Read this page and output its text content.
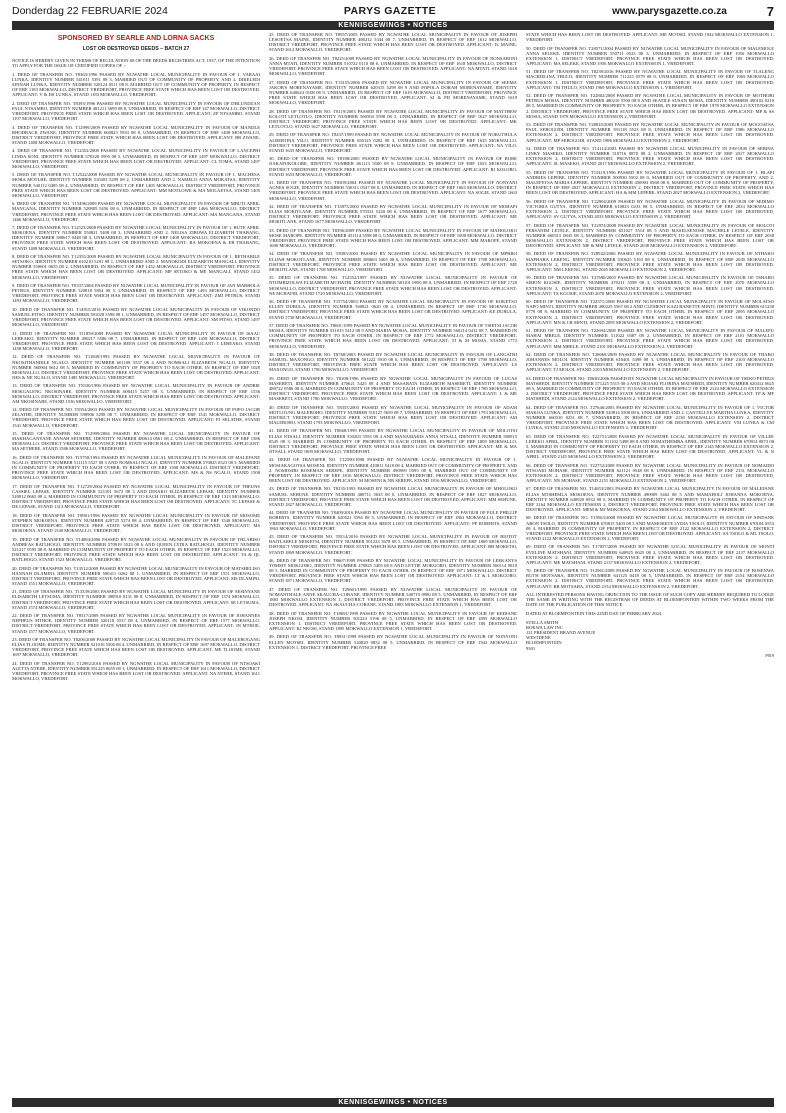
Donderdag 22 FEBRUARIE 2024	PARYS GAZETTE	www.parysgazette.co.za	7
KENNISGEWINGS • NOTICES
SPONSORED BY SEARLE AND LORNA SACKS
LOST OR DESTROYED DEEDS – BATCH 27

NOTICE IS HEREBY GIVEN IN TERMS OF REGULATION 68 OF THE DEEDS REGISTRIES ACT, 1937, OF THE INTENTION TO APPLY FOR THE ISSUE OF CERTIFIED COPIES OF :-

1. DEED OF TRANSFER NO. T8363/1996 PASSED BY NGWATHE LOCAL MUNICIPALITY IN FAVOUR OF 1. VARAAI LUNKA, IDENTITY NUMBER 541011 5391 08 3, MARRIED OUT OF COMMUNITY OF PROPERTY, AND 2. DIKELEDI SINNAH LUNKA, IDENTITY NUMBER 520124 0511 08 8, MARRIED OUT OF COMMUNITY OF PROPERTY, IN RESPECT OF ERF 1183 MOKWALLO, DISTRICT VREDEFORT, PROVINCE FREE STATE WHICH HAS BEEN LOST OR DESTROYED. APPLICANT: V & DS LUNKA, STAND 1183 MOKWALLO, VREDEFORT.

2. DEED OF TRANSFER NO. T8393/1996 PASSED BY NGWATHE LOCAL MUNICIPALITY IN FAVOUR OF DHLUNDZAN PAUL NTSAMBO, IDENTITY NUMBER 481211 5699 08 8, UNMARRIED, IN RESPECT OF ERF 147 MOKWALLO, DISTRICT VREDEFORT, PROVINCE FREE STATE WHICH HAS BEEN LOST OR DESTROYED. APPLICANT: ZP NTSAMBO, STAND 1197 MOKWALLO, VREDEFORT.

3. DEED OF TRANSFER NO. T12999/2009 PASSED BY NGWATHE LOCAL MUNICIPALITY IN FAVOUR OF MANDLE RHODRACK ZWANE, IDENTITY NUMBER 660823 5933 08 8, UNMARRIED, IN RESPECT OF ERF 1408 MOKWALLO, DISTRICT VREDEFORT, PROVINCE FREE STATE WHICH HAS BEEN LOST OR DESTROYED. APPLICANT: BR ZWANE, STAND 1408 MOKWALLO, VREDEFORT.

4. DEED OF TRANSFER NO. T12352/2008 PASSED BY NGWATHE LOCAL MUNICIPALITY IN FAVOUR OF LANCEPHI LINDA SONI, IDENTITY NUMBER 570328 5995 08 5, UNMARRIED, IN RESPECT OF ERF 1497 MOKWALLO, DISTRICT VREDEFORT, PROVINCE FREE STATE WHICH HAS BEEN LOST OR DESTROYED. APPLICANT: CL TOMA, STAND 1497 MOKWALLO, VREDEFORT.

5. DEED OF TRANSFER NO. T12522/2008 PASSED BY NGWATHE LOCAL MUNICIPALITY IN FAVOUR OF 1. MACHESA MORA MOTLHE, IDENTITY NUMBER 510303 5299 08 2, UNMARRIED AND 2. NAMELO ANNA MOKATSA, IDENTITY NUMBER 540112 0485 08 4, UNMARRIED, IN RESPECT OF ERF 1405 MOKWALLO, DISTRICT VREDEFORT, PROVINCE FREE STATE WHICH HAS BEEN LOST OR DESTROYED. APPLICANT: MM MOTLOWE & MA MOLAETSA, STAND 1405 MOKWALLO, VREDEFORT.

6. DEED OF TRANSFER NO. T15496/2009 PASSED BY NGWATHE LOCAL MUNICIPALITY IN FAVOUR OF MBUTI APRIL MANGANA, IDENTITY NUMBER 520805 5456 08 6, UNMARRIED, IN RESPECT OF ERF 1466 MOKWALLO, DISTRICT VREDEFORT, PROVINCE FREE STATE WHICH HAS BEEN LOST OR DESTROYED. APPLICANT: MA MANGANA, STAND 1466 MOKWALLO, VREDEFORT.

7. DEED OF TRANSFER NO. T12523/2008 PASSED BY NGWATHE LOCAL MUNICIPALITY IN FAVOUR OF 1. RUTE APRIL MOKOENA, IDENTITY NUMBER 550821 5408 08 3, UNMARRIED AND 2. NELISA ZIBOWA ELIZABETH THABANG, IDENTITY NUMBER 580617 0448 08 3, UNMARRIED, IN RESPECT OF ERF 1408 MOKWALLO, DISTRICT VREDEFORT, PROVINCE FREE STATE WHICH HAS BEEN LOST OR DESTROYED. APPLICANT: RA MOKOENA & EB THABANG, STAND 1408 MOKWALLO, VREDEFORT.

8. DEED OF TRANSFER NO. T12355/2009 PASSED BY NGWATHE LOCAL MUNICIPALITY IN FAVOUR OF 1. RETHABILE SETSOKO, IDENTITY NUMBER 610210 5291 08 1, UNMARRIED AND 2. MANOKODI ELIZABETH MANGALI, IDENTITY NUMBER 550601 0655 08 2, UNMARRIED, IN RESPECT OF ERF 1452 MOKWALLO, DISTRICT VREDEFORT, PROVINCE FREE STATE WHICH HAS BEEN LOST OR DESTROYED. APPLICANT: MP SETOKO & ME MANGALI, STAND 1452 MOKWALLO, VREDEFORT.

9. DEED OF TRANSFER NO. T8337/2004 PASSED BY NGWATHE LOCAL MUNICIPALITY IN FAVOUR OF JAN MARHOLA PETRUS, IDENTITY NUMBER 520818 5854 08 5, UNMARRIED, IN RESPECT OF ERF 1493 MOKWALLO, DISTRICT VREDEFORT, PROVINCE FREE STATE WHICH HAS BEEN LOST OR DESTROYED. APPLICANT: ZMJ PETRUS, STAND 1493 MOKWALLO, VREDEFORT.

10. DEED OF TRANSFER NO. T14915/2016 PASSED BY NGWATHE LOCAL MUNICIPALITY IN FAVOUR OF VIKONDO SAMUEL PITSO, IDENTITY NUMBER 591028 5598 08 1, UNMARRIED, IN RESPECT OF ERF 1497 MOKWALLO, DISTRICT VREDEFORT, PROVINCE FREE STATE WHICH HAS BEEN LOST OR DESTROYED. APPLICANT: SM PITSO, STAND 1497 MOKWALLO, VREDEFORT.

11. DEED OF TRANSFER NO. T11859/2009 PASSED BY NGWATHE LOCAL MUNICIPALITY IN FAVOUR OF ISAAC LEBEAKO, IDENTITY NUMBER 490217 5586 08 7, UNMARRIED, IN RESPECT OF ERF 1458 MOKWALLO, DISTRICT VREDEFORT, PROVINCE FREE STATE WHICH HAS BEEN LOST OR DESTROYED. APPLICANT: I LEBEAKO, STAND 1458 MOKWALLO, VREDEFORT.

12. DEED OF TRANSFER NO. T11849/1993 PASSED BY NGWATHE LOCAL MUNICIPALITY IN FAVOUR OF NKOSITHANDILE NGALO, IDENTITY NUMBER 601108 5537 08 4 AND NOMSALI ELIZABETH NGALO, IDENTITY NUMBER 560904 0612 08 5, MARRIED IN COMMUNITY OF PROPERTY TO EACH OTHER, IN RESPECT OF ERF 1028 MOKWALLO, DISTRICT VREDEFORT, PROVINCE FREE STATE WHICH HAS BEEN LOST OR DESTROYED. APPLICANT: NES & NE NGALO, STAND 1485 MOKWALLO, VREDEFORT.

13. DEED OF TRANSFER NO. T8330/1996 PASSED BY NGWATHE LOCAL MUNICIPALITY IN FAVOUR OF ANDRIE MOKGALENG NKOSINARE, IDENTITY NUMBER 600415 5257 08 3, UNMARRIED, IN RESPECT OF ERF 1536 MOKWALLO, DISTRICT VREDEFORT, PROVINCE FREE STATE WHICH HAS BEEN LOST OR DESTROYED. APPLICANT: AM NKOSINARE, STAND 1536 MOKWALLO, VREDEFORT.

14. DEED OF TRANSFER NO. T8354/2003 PASSED BY NGWATHE LOCAL MUNICIPALITY IN FAVOUR OF POPO JACOB SELATHE, IDENTITY NUMBER 590906 5298 08 7, UNMARRIED, IN RESPECT OF ERF 1541 MOKWALLO, DISTRICT VREDEFORT, PROVINCE FREE STATE WHICH HAS BEEN LOST OR DESTROYED. APPLICANT: PJ SELATHE, STAND 1541 MOKWALLO, VREDEFORT.

15. DEED OF TRANSFER NO. T12999/2004 PASSED BY NGWATHE LOCAL MUNICIPALITY IN FAVOUR OF MAKHAGANYANE ANNAH SETHEBE, IDENTITY NUMBER 480614 0561 08 2, UNMARRIED, IN RESPECT OF ERF 1586 MOKWALLO, DISTRICT VREDEFORT, PROVINCE FREE STATE WHICH HAS BEEN LOST OR DESTROYED. APPLICANT: MA SETHEBE, STAND 1586 MOKWALLO, VREDEFORT.

16. DEED OF TRANSFER NO. T15758/1994 PASSED BY NGWATHE LOCAL MUNICIPALITY IN FAVOUR OF MALEFANE NGALO, IDENTITY NUMBER 511115 5527 08 3 AND NOMSALI NGALO, IDENTITY NUMBER 570825 0523 08 5, MARRIED IN COMMUNITY OF PROPERTY TO EACH OTHER, IN RESPECT OF ERF 1508 MOKWALLO, DISTRICT VREDEFORT, PROVINCE FREE STATE WHICH HAS BEEN LOST OR DESTROYED. APPLICANT: MS & NS NGALO, STAND 1508 MOKWALLO, VREDEFORT.

17. DEED OF TRANSFER NO. T12729/2004 PASSED BY NGWATHE LOCAL MUNICIPALITY IN FAVOUR OF THEUNS CASSIEL LEPASE, IDENTITY NUMBER 521101 5673 08 3 AND DINAKO ELIZABETH LEPASE, IDENTITY NUMBER 520912 0665 08 4, MARRIED IN COMMUNITY OF PROPERTY TO EACH OTHER, IN RESPECT OF ERF 1313 MOKWALLO, DISTRICT VREDEFORT, PROVINCE FREE STATE WHICH HAS BEEN LOST OR DESTROYED. APPLICANT: TC LEPASE & DE LEPASE, STAND 1313 MOKWALLO, VREDEFORT.

18. DEED OF TRANSFER NO. T8901/1996 PASSED BY NGWATHE LOCAL MUNICIPALITY IN FAVOUR OF MOSOME STEPHEN MOKOENA, IDENTITY NUMBER 420725 5274 08 4, UNMARRIED, IN RESPECT OF ERF 1540 MOKWALLO, DISTRICT VREDEFORT, PROVINCE FREE STATE WHICH HAS BEEN LOST OR DESTROYED. APPLICANT: MS MOKOENA, STAND 1540 MOKWALLO, VREDEFORT.

19. DEED OF TRANSFER NO. T14894/2006 PASSED BY NGWATHE LOCAL MUNICIPALITY IN FAVOUR OF THLABISO ANDREAS RATLHOGO, IDENTITY NUMBER 570919 5523 08 6 AND QUEEN LYDIA RATLHOGO, IDENTITY NUMBER 521217 0595 08 8, MARRIED IN COMMUNITY OF PROPERTY TO EACH OTHER, IN RESPECT OF ERF 1523 MOKWALLO, DISTRICT VREDEFORT, PROVINCE FREE STATE WHICH HAS BEEN LOST OR DESTROYED. APPLICANT: TA & QL RATLHOGO, STAND 1523 MOKWALLO, VREDEFORT.

20. DEED OF TRANSFER NO. T13512/2009 PASSED BY NGWATHE LOCAL MUNICIPALITY IN FAVOUR OF MATSHELISO HANNAH DLAMINI, IDENTITY NUMBER 590411 0262 08 1, UNMARRIED, IN RESPECT OF ERF 1551 MOKWALLO, DISTRICT VREDEFORT, PROVINCE FREE STATE WHICH HAS BEEN LOST OR DESTROYED. APPLICANT: MS DLAMINI, STAND 1551 MOKWALLO, VREDEFORT.

21. DEED OF TRANSFER NO. T13339/2003 PASSED BY NGWATHE LOCAL MUNICIPALITY IN FAVOUR OF SESINYANE ELISABETH LETSUMA, IDENTITY NUMBER 380910 0131 08 8, UNMARRIED, IN RESPECT OF ERF 1574 MOKWALLO, DISTRICT VREDEFORT, PROVINCE FREE STATE WHICH HAS BEEN LOST OR DESTROYED. APPLICANT: SE LETSUMA, STAND 1574 MOKWALLO, VREDEFORT.

22. DEED OF TRANSFER NO. T8317/2009 PASSED BY NGWATHE LOCAL MUNICIPALITY IN FAVOUR OF JOHANNES NEPHEUS MTHOE, IDENTITY NUMBER 520118 5537 08 4, UNMARRIED, IN RESPECT OF ERF 1577 MOKWALLO, DISTRICT VREDEFORT, PROVINCE FREE STATE WHICH HAS BEEN LOST OR DESTROYED. APPLICANT: JN MTHOE, STAND 1577 MOKWALLO, VREDEFORT.

23. DEED OF TRANSFER NO. T8206/2009 PASSED BY NGWATHE LOCAL MUNICIPALITY IN FAVOUR OF MALEBOGANG ELIAS TLOOME, IDENTITY NUMBER 521016 5506 08 4, UNMARRIED, IN RESPECT OF ERF 1697 MOKWALLO, DISTRICT VREDEFORT, PROVINCE FREE STATE WHICH HAS BEEN LOST OR DESTROYED. APPLICANT: ME TLOOME, STAND 1697 MOKWALLO, VREDEFORT.

24. DEED OF TRANSFER NO. T12992/2016 PASSED BY NGWATHE LOCAL MUNICIPALITY IN FAVOUR OF NTSOAKI ALETTA NTEHE, IDENTITY NUMBER 591225 0655 08 1, UNMARRIED, IN RESPECT OF ERF 1611 MOKWALLO, DISTRICT VREDEFORT, PROVINCE FREE STATE WHICH HAS BEEN LOST OR DESTROYED. APPLICANT: NA NTEHE, STAND 1611 MOKWALLO, VREDEFORT.

25. DEED OF TRANSFER NO. T8957/2003 PASSED BY NGWATHE LOCAL MUNICIPALITY IN FAVOUR OF JOSEPHI LESOETSA MAINE, IDENTITY NUMBER 480212 5344 08 7, UNMARRIED, IN RESPECT OF ERF 1612 MOKWALLO, DISTRICT VREDEFORT, PROVINCE FREE STATE WHICH HAS BEEN LOST OR DESTROYED. APPLICANT: JL MAINE, STAND 1612 MOKWALLO, VREDEFORT.

26. DEED OF TRANSFER NO. T8225/2009 PASSED BY NGWATHE LOCAL MUNICIPALITY IN FAVOUR OF NONSABONI ANNA MTATI, IDENTITY NUMBER 510722 0110 08 0, UNMARRIED, IN RESPECT OF ERF 1618 MOKWALLO, DISTRICT VREDEFORT, PROVINCE FREE STATE WHICH HAS BEEN LOST OR DESTROYED. APPLICANT: NA MTATI, STAND 1618 MOKWALLO, VREDEFORT.

27. DEED OF TRANSFER NO. T15155/2006 PASSED BY NGWATHE LOCAL MUNICIPALITY IN FAVOUR OF SEEMA JAKOB'S MORENAYAME, IDENTITY NUMBER 620315 5298 08 9 AND POPOLA DORAH MORENAYAME, IDENTITY NUMBER 640624 0108 08 9, UNMARRIED, IN RESPECT OF ERF 1619 MOKWALLO, DISTRICT VREDEFORT, PROVINCE FREE STATE WHICH HAS BEEN LOST OR DESTROYED. APPLICANT: SJ & PD MORENAYAME, STAND 1619 MOKWALLO, VREDEFORT.

28. DEED OF TRANSFER NO. T8119/2003 PASSED BY NGWATHE LOCAL MUNICIPALITY IN FAVOUR OF MATTHEW KOLOTI LETLOTLO, IDENTITY NUMBER 560504 5598 08 5, UNMARRIED, IN RESPECT OF ERF 1627 MOKWALLO, DISTRICT VREDEFORT, PROVINCE FREE STATE WHICH HAS BEEN LOST OR DESTROYED. APPLICANT: MK LETLOTLO, STAND 1627 MOKWALLO, VREDEFORT.

29. DEED OF TRANSFER NO. T8437/1999 PASSED BY NGWATHE LOCAL MUNICIPALITY IN FAVOUR OF NOKUTHULA ALBERTINA VILO, IDENTITY NUMBER 650125 0282 08 3, UNMARRIED, IN RESPECT OF ERF 1635 MOKWALLO, DISTRICT VREDEFORT, PROVINCE FREE STATE WHICH HAS BEEN LOST OR DESTROYED. APPLICANT: NA VILO, STAND 1635 MOKWALLO, VREDEFORT.

30. DEED OF TRANSFER NO. T8188/2005 PASSED BY NGWATHE LOCAL MUNICIPALITY IN FAVOUR OF RORE NAKAFUKOLOBE, IDENTITY NUMBER 461113 5500 08 9, UNMARRIED, IN RESPECT OF ERF 1653 MOKWALLO, DISTRICT VREDEFORT, PROVINCE FREE STATE WHICH HAS BEEN LOST OR DESTROYED. APPLICANT: RJ KOLOBO, STAND 1653 MOKWALLO, VREDEFORT.

31. DEED OF TRANSFER NO. T8309/2004 PASSED BY NGWATHE LOCAL MUNICIPALITY IN FAVOUR OF NONYANI AGNES SOGIE, IDENTITY NUMBER 530311 0547 08 0, UNMARRIED, IN RESPECT OF ERF 1663 MOKWALLO, DISTRICT VREDEFORT, PROVINCE FREE STATE WHICH HAS BEEN LOST OR DESTROYED. APPLICANT: NA SOGIE, STAND 1663 MOKWALLO, VREDEFORT.

32. DEED OF TRANSFER NO. T15875/2003 PASSED BY NGWATHE LOCAL MUNICIPALITY IN FAVOUR OF MOHAPI ELIAS MOKITLANE, IDENTITY NUMBER 570331 5220 08 6, UNMARRIED, IN RESPECT OF ERF 1677 MOKWALLO, DISTRICT VREDEFORT, PROVINCE FREE STATE WHICH HAS BEEN LOST OR DESTROYED. APPLICANT: ME MOKITLANE, STAND 1677 MOKWALLO, VREDEFORT.

33. DEED OF TRANSFER NO. T8396/2009 PASSED BY NGWATHE LOCAL MUNICIPALITY IN FAVOUR OF MAHOLOKO MOSE MAROPE, IDENTITY NUMBER 451114 5598 08 0, UNMARRIED, IN RESPECT OF ERF 1690 MOKWALLO, DISTRICT VREDEFORT, PROVINCE FREE STATE WHICH HAS BEEN LOST OR DESTROYED. APPLICANT: MM MAROPE, STAND 1690 MOKWALLO, VREDEFORT.

34. DEED OF TRANSFER NO. T8395/2003 PASSED BY NGWATHE LOCAL MUNICIPALITY IN FAVOUR OF MPHIKI ELIJAH MOKOTLANE, IDENTITY NUMBER 580603 5405 08 6, UNMARRIED, IN RESPECT OF ERF 1708 MOKWALLO, DISTRICT VREDEFORT, PROVINCE FREE STATE WHICH HAS BEEN LOST OR DESTROYED. APPLICANT: ME MOKOTLANE, STAND 1708 MOKWALLO, VREDEFORT.

35. DEED OF TRANSFER NO. T12552/1997 PASSED BY NGWATHE LOCAL MUNICIPALITY IN FAVOUR OF NTOMBIZOLWA ELIZABETH MCHATHI, IDENTITY NUMBER 581101 0850 08 0, UNMARRIED, IN RESPECT OF ERF 1720 MOKWALLO, DISTRICT VREDEFORT, PROVINCE FREE STATE WHICH HAS BEEN LOST OR DESTROYED. APPLICANT: NE MCHATHI, STAND 1720 MOKWALLO, VREDEFORT.

36. DEED OF TRANSFER NO. T15754/2003 PASSED BY NGWATHE LOCAL MUNICIPALITY IN FAVOUR OF KOKETSO ELLEN DUBULA, IDENTITY NUMBER 560821 0620 08 4, UNMARRIED, IN RESPECT OF ERF 1730 MOKWALLO, DISTRICT VREDEFORT, PROVINCE FREE STATE WHICH HAS BEEN LOST OR DESTROYED. APPLICANT: KE DUBULA, STAND 1730 MOKWALLO, VREDEFORT.

37. DEED OF TRANSFER NO. T8691/1999 PASSED BY NGWATHE LOCAL MUNICIPALITY IN FAVOUR OF TSIETSI JACOB MOSIA, IDENTITY NUMBER 531015 5412 08 9 AND MARIA MOSIA, IDENTITY NUMBER 560214 0412 08 7, MARRIED IN COMMUNITY OF PROPERTY TO EACH OTHER, IN RESPECT OF ERF 1772 MOKWALLO, DISTRICT VREDEFORT, PROVINCE FREE STATE WHICH HAS BEEN LOST OR DESTROYED. APPLICANT: TJ & M MOSIA, STAND 1772 MOKWALLO, VREDEFORT.

38. DEED OF TRANSFER NO. T8768/2003 PASSED BY NGWATHE LOCAL MUNICIPALITY IN FAVOUR OF LANGATHI SAMUEL MAXONGO, IDENTITY NUMBER 501222 5910 08 6, UNMARRIED, IN RESPECT OF ERF 1790 MOKWALLO, DISTRICT VREDEFORT, PROVINCE FREE STATE WHICH HAS BEEN LOST OR DESTROYED. APPLICANT: LS MAXONGO, STAND 1790 MOKWALLO, VREDEFORT.

39. DEED OF TRANSFER NO. T8208/1996 PASSED BY NGWATHE LOCAL MUNICIPALITY IN FAVOUR OF LUCAS MASERETI, IDENTITY NUMBER 470621 5425 08 4 AND MASABATA ELIZABETH MASERETI, IDENTITY NUMBER 480722 0586 08 6, MARRIED IN COMMUNITY OF PROPERTY TO EACH OTHER, IN RESPECT OF ERF 1780 MOKWALLO, DISTRICT VREDEFORT, PROVINCE FREE STATE WHICH HAS BEEN LOST OR DESTROYED. APPLICANT: L & ME MASERETI, STAND 1780 MOKWALLO, VREDEFORT.

40. DEED OF TRANSFER NO. T8355/2003 PASSED BY NGWATHE LOCAL MUNICIPALITY IN FAVOUR OF ADAM MOTLOUNG MALEBOHO, IDENTITY NUMBER 510127 5659 08 7, UNMARRIED, IN RESPECT OF ERF 1793 MOKWALLO, DISTRICT VREDEFORT, PROVINCE FREE STATE WHICH HAS BEEN LOST OR DESTROYED. APPLICANT: AM MALEBOHO, STAND 1793 MOKWALLO, VREDEFORT.

41. DEED OF TRANSFER NO. T8668/1999 PASSED BY NGWATHE LOCAL MUNICIPALITY IN FAVOUR OF MOLOTSI ELIAS NTSALI, IDENTITY NUMBER 550203 5593 08 4 AND MANAMAKIS ANNA NTSALI, IDENTITY NUMBER 580915 0545 08 3, MARRIED IN COMMUNITY OF PROPERTY TO EACH OTHER, IN RESPECT OF ERF 1809 MOKWALLO, DISTRICT VREDEFORT, PROVINCE FREE STATE WHICH HAS BEEN LOST OR DESTROYED. APPLICANT: ME & MA NTSALI, STAND 1809 MOKWALLO, VREDEFORT.

42. DEED OF TRANSFER NO. T12590/1998 PASSED BY NGWATHE LOCAL MUNICIPALITY IN FAVOUR OF 1. MOSIAKAGOTSA MOSENI, IDENTITY NUMBER 410811 5418 08 4, MARRIED OUT OF COMMUNITY OF PROPERTY, AND 2. NOMOSIBI ROSEMAN SEREPE, IDENTITY NUMBER 490909 0595 08 8, MARRIED OUT OF COMMUNITY OF PROPERTY, IN RESPECT OF ERF 1816 MOKWALLO, DISTRICT VREDEFORT, PROVINCE FREE STATE WHICH HAS BEEN LOST OR DESTROYED. APPLICANT: M MOSENI & NR SEREPE, STAND 1816 MOKWALLO, VREDEFORT.

43. DEED OF TRANSFER NO. T8135/1993 PASSED BY NGWATHE LOCAL MUNICIPALITY IN FAVOUR OF MHOLOKO SAMUEL SEHUNE, IDENTITY NUMBER 480711 5635 08 0, UNMARRIED, IN RESPECT OF ERF 1827 MOKWALLO, DISTRICT VREDEFORT, PROVINCE FREE STATE WHICH HAS BEEN LOST OR DESTROYED. APPLICANT: MM SEHUNE, STAND 1827 MOKWALLO, VREDEFORT.

44. DEED OF TRANSFER NO. T8409/2016 PASSED BY NGWATHE LOCAL MUNICIPALITY IN FAVOUR OF PULE PHILLIP ROBERTS, IDENTITY NUMBER 620521 5594 08 5, UNMARRIED, IN RESPECT OF ERF 1863 MOKWALLO, DISTRICT VREDEFORT, PROVINCE FREE STATE WHICH HAS BEEN LOST OR DESTROYED. APPLICANT: PP ROBERTS, STAND 1863 MOKWALLO, VREDEFORT.

45. DEED OF TRANSFER NO. T8114/2016 PASSED BY NGWATHE LOCAL MUNICIPALITY IN FAVOUR OF BIOTOT BAITLARELE MOKETSI, IDENTITY NUMBER 501223 5678 08 5, UNMARRIED, IN RESPECT OF ERF 1869 MOKWALLO, DISTRICT VREDEFORT, PROVINCE FREE STATE WHICH HAS BEEN LOST OR DESTROYED. APPLICANT: BB MOKETSI, STAND 1869 MOKWALLO, VREDEFORT.

46. DEED OF TRANSFER NO. T8667/1999 PASSED BY NGWATHE LOCAL MUNICIPALITY IN FAVOUR OF LEEKANYS TOMMY MOKGORO, IDENTITY NUMBER 470825 5405 08 8 AND LETTIE MOKGORO, IDENTITY NUMBER 560114 0810 08 5, MARRIED IN COMMUNITY OF PROPERTY TO EACH OTHER, IN RESPECT OF ERF 1871 MOKWALLO, DISTRICT VREDEFORT, PROVINCE FREE STATE WHICH HAS BEEN LOST OR DESTROYED. APPLICANT: LT & L MOKGORO, STAND 1871 MOKWALLO, VREDEFORT.

47. DEED OF TRANSFER NO. T29601/1999 PASSED BY NGWATHE LOCAL MUNICIPALITY IN FAVOUR OF NOMANTHALE ANNE SKAUCHA-COBANE, IDENTITY NUMBER 540719 0980 08 5, UNMARRIED, IN RESPECT OF ERF 1883 MOKWALLO EXTENSION 1, DISTRICT VREDEFORT, PROVINCE FREE STATE WHICH HAS BEEN LOST OR DESTROYED. APPLICANT: NA SKAUCHA-COBANE, STAND 1883 MOKWALLO EXTENSION 1, VREDEFORT.

48. DEED OF TRANSFER NO. T18691/1999 PASSED BY NGWATHE LOCAL MUNICIPALITY IN FAVOUR OF KEDIANE JOSEPH NKOSI, IDENTITY NUMBER 501223 5196 08 5, UNMARRIED, IN RESPECT OF ERF 1895 MOKWALLO EXTENSION 1, DISTRICT VREDEFORT, PROVINCE FREE STATE WHICH HAS BEEN LOST OR DESTROYED. APPLICANT: KJ NKOSI, STAND 1895 MOKWALLO EXTENSION 1, VREDEFORT.

49. DEED OF TRANSFER NO. T8931/1999 PASSED BY NGWATHE LOCAL MUNICIPALITY IN FAVOUR OF NONYONI ELLEN MOTSEI, IDENTITY NUMBER 520829 0852 08 5, UNMARRIED, IN RESPECT OF ERF 1942 MOKWALLO EXTENSION 1, DISTRICT VREDEFORT, PROVINCE FREE

STATE WHICH HAS BEEN LOST OR DESTROYED. APPLICANT: ME MOTSEI, STAND 1942 MOKWALLO EXTENSION 1, VREDEFORT.

50. DEED OF TRANSFER NO. T28571/2004 PASSED BY NGWATHE LOCAL MUNICIPALITY IN FAVOUR OF MALEMOLE ANNA SELEKE, IDENTITY NUMBER 550711 0525 08 3, UNMARRIED, IN RESPECT OF ERF 1956 MOKWALLO EXTENSION 1, DISTRICT VREDEFORT, PROVINCE FREE STATE WHICH HAS BEEN LOST OR DESTROYED. APPLICANT: MA SELEKE, STAND 1956 MOKWALLO EXTENSION 1, VREDEFORT.

51. DEED OF TRANSFER NO. T8239/2016 PASSED BY NGWATHE LOCAL MUNICIPALITY IN FAVOUR OF TLALENG MAGRIELINA THULO, IDENTITY NUMBER 711225 0579 08 9, UNMARRIED, IN RESPECT OF ERF 1969 MOKWALLO EXTENSION 1, DISTRICT VREDEFORT, PROVINCE FREE STATE WHICH HAS BEEN LOST OR DESTROYED. APPLICANT: TM THULO, STAND 1969 MOKWALLO EXTENSION 1, VREDEFORT.

52. DEED OF TRANSFER NO. T22802/2008 PASSED BY NGWATHE LOCAL MUNICIPALITY IN FAVOUR OF MOTHOBI PETRUS MOSIA, IDENTITY NUMBER 480210 5500 08 8 AND SEATILE SUSAN MOSIA, IDENTITY NUMBER 490102 0210 08 5, MARRIED IN COMMUNITY OF PROPERTY TO EACH OTHER, IN RESPECT OF ERF 1978 MOKWALLO EXTENSION 2, DISTRICT VREDEFORT, PROVINCE FREE STATE WHICH HAS BEEN LOST OR DESTROYED. APPLICANT: MP & SS MOSIA, STAND 1978 MOKWALLO EXTENSION 2, VREDEFORT.

53. DEED OF TRANSFER NO. T28810/2005 PASSED BY NGWATHE LOCAL MUNICIPALITY IN FAVOUR OF MOGOATSA PAUL SEBOGODI, IDENTITY NUMBER 591118 5523 08 8, UNMARRIED, IN RESPECT OF ERF 1986 MOKWALLO EXTENSION 2, DISTRICT VREDEFORT, PROVINCE FREE STATE WHICH HAS BEEN LOST OR DESTROYED. APPLICANT: MP SEBOGODI, STAND 1986 MOKWALLO EXTENSION 2, VREDEFORT.

54. DEED OF TRANSFER NO. T14114/2003 PASSED BY NGWATHE LOCAL MUNICIPALITY IN FAVOUR OF SEBINA LINKY MASEKO, IDENTITY NUMBER 510716 0870 08 2, UNMARRIED, IN RESPECT OF ERF 2017 MOKWALLO EXTENSION 2, DISTRICT VREDEFORT, PROVINCE FREE STATE WHICH HAS BEEN LOST OR DESTROYED. APPLICANT: SL MASEKO, STAND 2017 MOKWALLO EXTENSION 2, VREDEFORT.

55. DEED OF TRANSFER NO. T15419/1996 PASSED BY NGWATHE LOCAL MUNICIPALITY IN FAVOUR OF 1. HLAPI ANDRIES LEPEBE, IDENTITY NUMBER 500930 5502 08 0, MARRIED OUT OF COMMUNITY OF PROPERTY, AND 2. MALEFETSA MARIA LEPEBE, IDENTITY NUMBER 450903 0568 08 8, MARRIED OUT OF COMMUNITY OF PROPERTY, IN RESPECT OF ERF 2027 MOKWALLO EXTENSION 2, DISTRICT VREDEFORT, PROVINCE FREE STATE WHICH HAS BEEN LOST OR DESTROYED. APPLICANT: HA & MM LEPEBE, STAND 2027 MOKWALLO EXTENSION 2, VREDEFORT.

56. DEED OF TRANSFER NO. T22904/2009 PASSED BY NGWATHE LOCAL MUNICIPALITY IN FAVOUR OF SEDIMO VICTORIA GUTYA, IDENTITY NUMBER 610823 0233 08 5, UNMARRIED, IN RESPECT OF ERF 2033 MOKWALLO EXTENSION 2, DISTRICT VREDEFORT, PROVINCE FREE STATE WHICH HAS BEEN LOST OR DESTROYED. APPLICANT: SV GUTYA, STAND 2033 MOKWALLO EXTENSION 2, VREDEFORT.

57. DEED OF TRANSFER NO. T22974/2008 PASSED BY NGWATHE LOCAL MUNICIPALITY IN FAVOUR OF MOLOTI FERSANIM LETELE, IDENTITY NUMBER 651027 5514 08 5 AND MASELSENOSE MACHELE LETELE, IDENTITY NUMBER 660315 0845 08 3, MARRIED IN COMMUNITY OF PROPERTY TO EACH OTHER, IN RESPECT OF ERF 2038 MOKWALLO EXTENSION 2, DISTRICT VREDEFORT, PROVINCE FREE STATE WHICH HAS BEEN LOST OR DESTROYED. APPLICANT: MF & MM LETELE, STAND 2038 MOKWALLO EXTENSION 2, VREDEFORT.

58. DEED OF TRANSFER NO. T28942/2006 PASSED BY NGWATHE LOCAL MUNICIPALITY IN FAVOUR OF NTHAKO MAPHARA LEKENG, IDENTITY NUMBER 530625 5193 08 0, UNMARRIED, IN RESPECT OF ERF 2045 MOKWALLO EXTENSION 2, DISTRICT VREDEFORT, PROVINCE FREE STATE WHICH HAS BEEN LOST OR DESTROYED. APPLICANT: NM LEKENG, STAND 2045 MOKWALLO EXTENSION 2, VREDEFORT.

59. DEED OF TRANSFER NO. T27680/2005 PASSED BY NGWATHE LOCAL MUNICIPALITY IN FAVOUR OF TSHABO SIMON KGOSIE, IDENTITY NUMBER 470211 5598 08 3, UNMARRIED, IN RESPECT OF ERF 2070 MOKWALLO EXTENSION 2, DISTRICT VREDEFORT, PROVINCE FREE STATE WHICH HAS BEEN LOST OR DESTROYED. APPLICANT: TS KGOSIE, STAND 2070 MOKWALLO EXTENSION 2, VREDEFORT.

60. DEED OF TRANSFER NO. T22571/2008 PASSED BY NGWATHE LOCAL MUNICIPALITY IN FAVOUR OF MOLATSO NAPO MINTI, IDENTITY NUMBER 490225 5567 08 2 AND CLEMENT KAZI RANETTE MINTI, IDENTITY NUMBER 611230 0779 08 8, MARRIED IN COMMUNITY OF PROPERTY TO EACH OTHER, IN RESPECT OF ERF 2095 MOKWALLO EXTENSION 2, DISTRICT VREDEFORT, PROVINCE FREE STATE WHICH HAS BEEN LOST OR DESTROYED. APPLICANT: MN & CR MINTI, STAND 2095 MOKWALLO EXTENSION 2, VREDEFORT.

61. DEED OF TRANSFER NO. T22694/2008 PASSED BY NGWATHE LOCAL MUNICIPALITY IN FAVOUR OF MALEFU MAHAI MBELE, IDENTITY NUMBER 511022 0387 08 2, UNMARRIED, IN RESPECT OF ERF 2101 MOKWALLO EXTENSION 2, DISTRICT VREDEFORT, PROVINCE FREE STATE WHICH HAS BEEN LOST OR DESTROYED. APPLICANT: MM MBELE, STAND 2101 MOKWALLO EXTENSION 2, VREDEFORT.

62. DEED OF TRANSFER NO. T28069/2009 PASSED BY NGWATHE LOCAL MUNICIPALITY IN FAVOUR OF THABO JOHANNES MOLOI, IDENTITY NUMBER 610401 5498 08 3, UNMARRIED, IN RESPECT OF ERF 2103 MOKWALLO EXTENSION 2, DISTRICT VREDEFORT, PROVINCE FREE STATE WHICH HAS BEEN LOST OR DESTROYED. APPLICANT: TJ MOLOI, STAND 2103 MOKWALLO EXTENSION 2, VREDEFORT.

63. DEED OF TRANSFER NO. T8630/2006 PASSED BY NGWATHE LOCAL MUNICIPALITY IN FAVOUR OF TSEKO PETRUS MATSHEDI, IDENTITY NUMBER 571225 5515 08 4 AND MOJAKI FLORINA MATSHEDI, IDENTITY NUMBER 620412 0625 08 5, MARRIED IN COMMUNITY OF PROPERTY TO EACH OTHER, IN RESPECT OF ERF 2124 MOKWALLO EXTENSION 2, DISTRICT VREDEFORT, PROVINCE FREE STATE WHICH HAS BEEN LOST OR DESTROYED. APPLICANT: TP & MF MATSHEDI, STAND 2124 MOKWALLO EXTENSION 2, VREDEFORT.

64. DEED OF TRANSFER NO. T27646/2005 PASSED BY NGWATHE LOCAL MUNICIPALITY IN FAVOUR OF 1. VICTOR MAKOA LUNKA, IDENTITY NUMBER 520814 5508 08 6, UNMARRIED AND 2. CANTELLYE MARTHA LUNKA, IDENTITY NUMBER 660310 0251 08 7, UNMARRIED, IN RESPECT OF ERF 2130 MOKWALLO EXTENSION 2, DISTRICT VREDEFORT, PROVINCE FREE STATE WHICH HAS BEEN LOST OR DESTROYED. APPLICANT: VM LUNKA & CM LUNKA, STAND 2130 MOKWALLO EXTENSION 2, VREDEFORT.

65. DEED OF TRANSFER NO. T22751/2008 PASSED BY NGWATHE LOCAL MUNICIPALITY IN FAVOUR OF VILLEE LEBEKO APRIL, IDENTITY NUMBER 511102 5498 08 8 AND NOMATHEMBA APRIL, IDENTITY NUMBER 670914 0873 08 5, MARRIED IN COMMUNITY OF PROPERTY TO EACH OTHER, IN RESPECT OF ERF 2145 MOKWALLO EXTENSION 2, DISTRICT VREDEFORT, PROVINCE FREE STATE WHICH HAS BEEN LOST OR DESTROYED. APPLICANT: VL & N APRIL, STAND 2145 MOKWALLO EXTENSION 2, VREDEFORT.

66. DEED OF TRANSFER NO. T22752/2008 PASSED BY NGWATHE LOCAL MUNICIPALITY IN FAVOUR OF NOMAIDO NTSOAKI MOHASE, IDENTITY NUMBER 621121 0548 08 8, UNMARRIED, IN RESPECT OF ERF 2151 MOKWALLO EXTENSION 2, DISTRICT VREDEFORT, PROVINCE FREE STATE WHICH HAS BEEN LOST OR DESTROYED. APPLICANT: NN MOHASE, STAND 2151 MOKWALLO EXTENSION 2, VREDEFORT.

67. DEED OF TRANSFER NO. T14653/2003 PASSED BY NGWATHE LOCAL MUNICIPALITY IN FAVOUR OF MALEFANE ELIAS MTSHEMLA MOKOENA, IDENTITY NUMBER 490909 5402 08 5 AND MAMAHOLI JOHANNA MOKOENA, IDENTITY NUMBER 640920 0932 08 5, MARRIED IN COMMUNITY OF PROPERTY TO EACH OTHER, IN RESPECT OF ERF 2164 MOKWALLO EXTENSION 2, DISTRICT VREDEFORT, PROVINCE FREE STATE WHICH HAS BEEN LOST OR DESTROYED. APPLICANT: MEM & MJ MOKOENA, STAND 2164 MOKWALLO EXTENSION 2, VREDEFORT.

68. DEED OF TRANSFER NO. T19563/2008 PASSED BY NGWATHE LOCAL MUNICIPALITY IN FAVOUR OF SINDANE ARON TSOLO, IDENTITY NUMBER 670815 5403 08 5 AND MAMOKETE LYDIA TSOLO, IDENTITY NUMBER 670104 0553 08 4, MARRIED IN COMMUNITY OF PROPERTY, IN RESPECT OF ERF 2122 MOKWALLO EXTENSION 2, DISTRICT VREDEFORT, PROVINCE FREE STATE WHICH HAS BEEN LOST OR DESTROYED. APPLICANT: SA TSOLO & ML TSOLO, STAND 2122 MOKWALLO EXTENSION 2, VREDEFORT.

69. DEED OF TRANSFER NO. T17057/2009 PASSED BY NGWATHE LOCAL MUNICIPALITY IN FAVOUR OF MONTI EVELINE MATSHANI, IDENTITY NUMBER 640925 0625 08 3, UNMARRIED, IN RESPECT OF ERF 2137 MOKWALLO EXTENSION 2, DISTRICT VREDEFORT, PROVINCE FREE STATE WHICH HAS BEEN LOST OR DESTROYED. APPLICANT: ME MATSHANI, STAND 2137 MOKWALLO EXTENSION 2, VREDEFORT.

70. DEED OF TRANSFER NO. T12961/2008 PASSED BY NGWATHE LOCAL MUNICIPALITY IN FAVOUR OF BOSENWA RUTH MOTSABA, IDENTITY NUMBER 641125 0418 08 5, UNMARRIED, IN RESPECT OF ERF 2154 MOKWALLO EXTENSION 2, DISTRICT VREDEFORT, PROVINCE FREE STATE WHICH HAS BEEN LOST OR DESTROYED. APPLICANT: BR MOTSABA, STAND 2154 MOKWALLO EXTENSION 2, VREDEFORT.

ALL INTERESTED PERSONS HAVING OBJECTION TO THE ISSUE OF SUCH COPY ARE HEREBY REQUIRED TO LODGE THE SAME IN WRITING WITH THE REGISTRAR OF DEEDS AT BLOEMFONTEIN WITHIN TWO WEEKS FROM THE DATE OF THE PUBLICATION OF THIS NOTICE.

DATED AT BLOEMFONTEIN THIS 22ND DAY OF FEBRUARY 2024.

STELLA SMITH

ROKWA LAW INC

121 PRESIDENT BRAND AVENUE

WESTDENE

BLOEMFONTEIN

9301

P019
KENNISGEWINGS • NOTICES
